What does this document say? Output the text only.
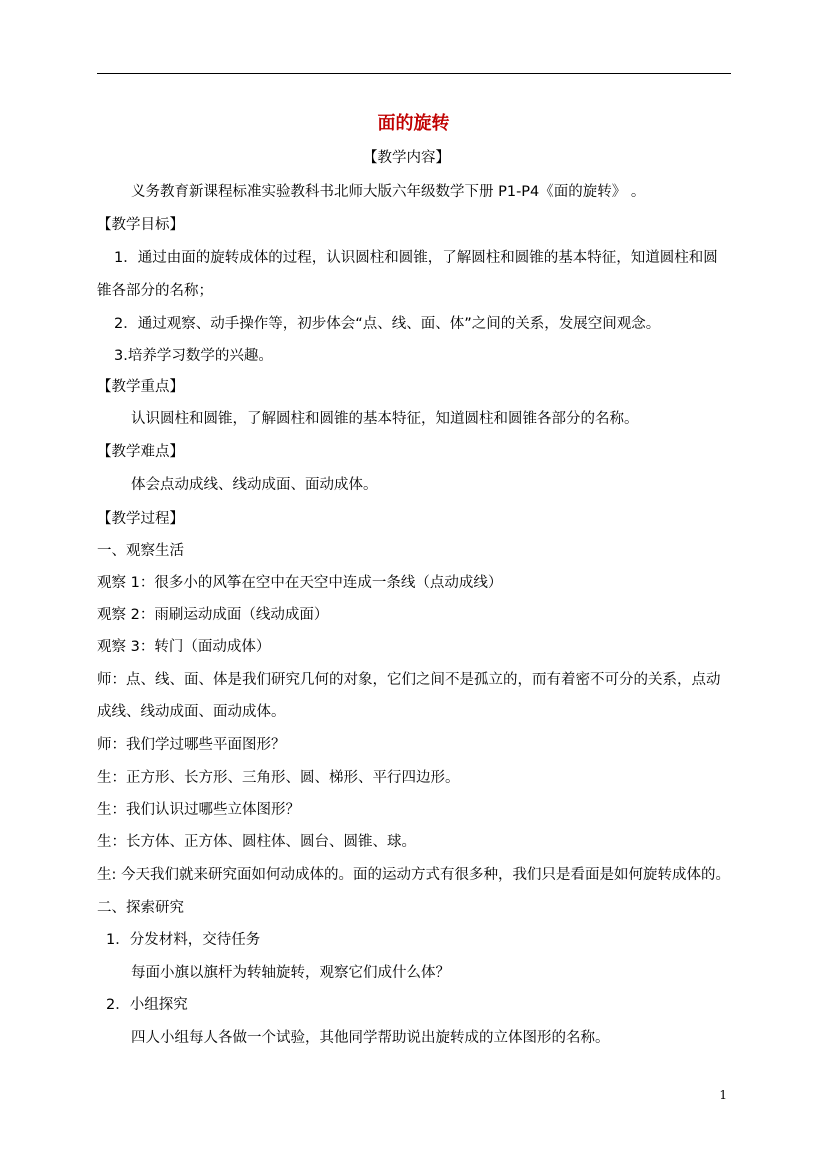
面的旋转
【教学内容】
义务教育新课程标准实验教科书北师大版六年级数学下册 P1-P4《面的旋转》 。
【教学目标】
1．通过由面的旋转成体的过程，认识圆柱和圆锥，了解圆柱和圆锥的基本特征，知道圆柱和圆
锥各部分的名称；
2．通过观察、动手操作等，初步体会“点、线、面、体”之间的关系，发展空间观念。
3.培养学习数学的兴趣。
【教学重点】
认识圆柱和圆锥，了解圆柱和圆锥的基本特征，知道圆柱和圆锥各部分的名称。
【教学难点】
体会点动成线、线动成面、面动成体。
【教学过程】
一、观察生活
观察 1：很多小的风筝在空中在天空中连成一条线（点动成线）
观察 2：雨刷运动成面（线动成面）
观察 3：转门（面动成体）
师：点、线、面、体是我们研究几何的对象，它们之间不是孤立的，而有着密不可分的关系，点动
成线、线动成面、面动成体。
师：我们学过哪些平面图形？
生：正方形、长方形、三角形、圆、梯形、平行四边形。
生：我们认识过哪些立体图形？
生：长方体、正方体、圆柱体、圆台、圆锥、球。
生: 今天我们就来研究面如何动成体的。面的运动方式有很多种，我们只是看面是如何旋转成体的。
二、探索研究
1．分发材料，交待任务
每面小旗以旗杆为转轴旋转，观察它们成什么体？
2．小组探究
四人小组每人各做一个试验，其他同学帮助说出旋转成的立体图形的名称。
1
